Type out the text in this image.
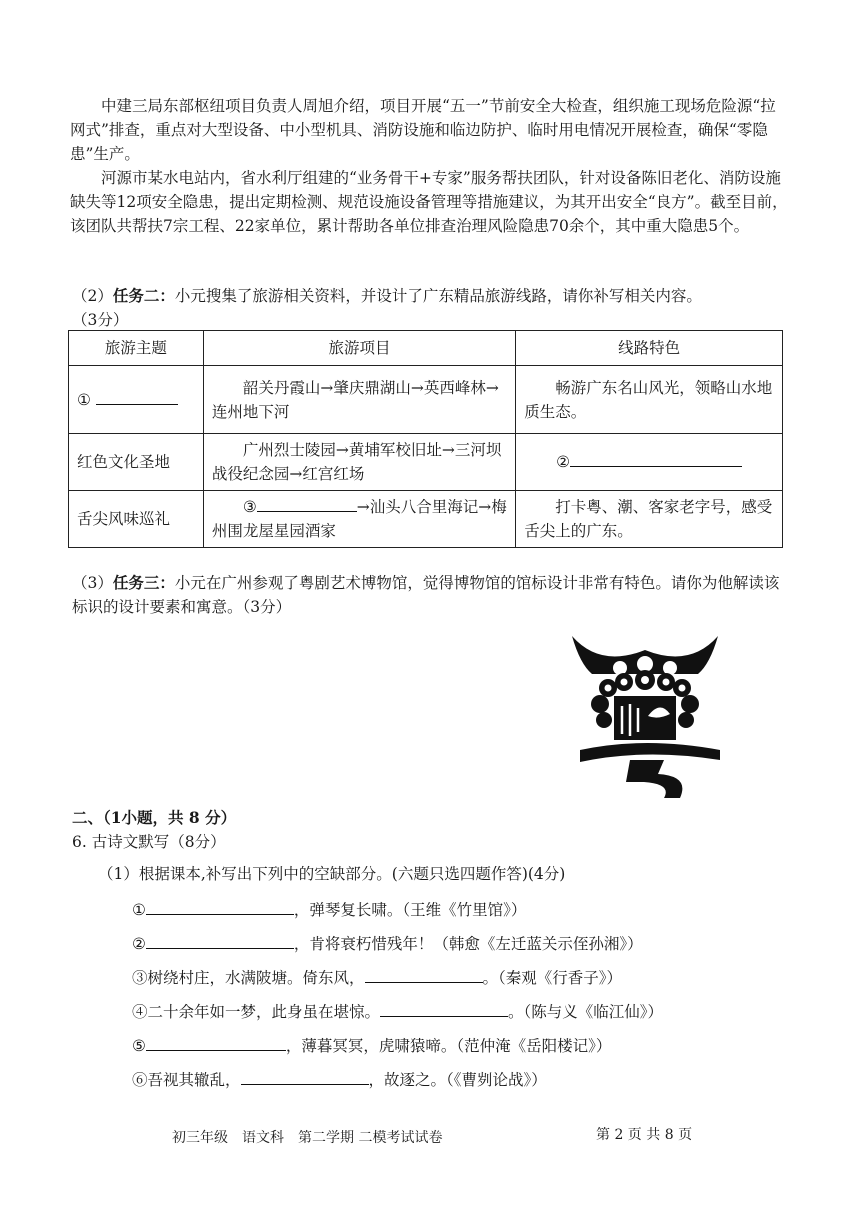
中建三局东部枢纽项目负责人周旭介绍，项目开展“五一”节前安全大检查，组织施工现场危险源“拉网式”排查，重点对大型设备、中小型机具、消防设施和临边防护、临时用电情况开展检查，确保“零隐患”生产。

河源市某水电站内，省水利厅组建的“业务骨干+专家”服务帮扶团队，针对设备陈旧老化、消防设施缺失等12项安全隐患，提出定期检测、规范设施设备管理等措施建议，为其开出安全“良方”。截至目前，该团队共帮扶7宗工程、22家单位，累计帮助各单位排查治理风险隐患70余个，其中重大隐患5个。

（2）任务二：小元搜集了旅游相关资料，并设计了广东精品旅游线路，请你补写相关内容。
（3分）
旅游主题	旅游项目	线路特色
①	韶关丹霞山→肇庆鼎湖山→英西峰林→连州地下河	畅游广东名山风光，领略山水地质生态。
红色文化圣地	广州烈士陵园→黄埔军校旧址→三河坝战役纪念园→红宫红场	②
舌尖风味巡礼	③ →汕头八合里海记→梅州围龙屋星园酒家	打卡粤、潮、客家老字号，感受舌尖上的广东。
（3）任务三：小元在广州参观了粤剧艺术博物馆，觉得博物馆的馆标设计非常有特色。请你为他解读该标识的设计要素和寓意。（3分）
二、（1小题，共 8 分）
6. 古诗文默写（8分）
（1）根据课本,补写出下列中的空缺部分。(六题只选四题作答)(4分)
①	，弹琴复长啸。（王维《竹里馆》）
②	，肯将衰朽惜残年！（韩愈《左迁蓝关示侄孙湘》）
③树绕村庄，水满陂塘。倚东风，	。（秦观《行香子》）
④二十余年如一梦，此身虽在堪惊。	。（陈与义《临江仙》）
⑤	，薄暮冥冥，虎啸猿啼。（范仲淹《岳阳楼记》）
⑥吾视其辙乱，	，故逐之。（《曹刿论战》）
初三年级　语文科　第二学期 二模考试试卷	第 2 页 共 8 页
